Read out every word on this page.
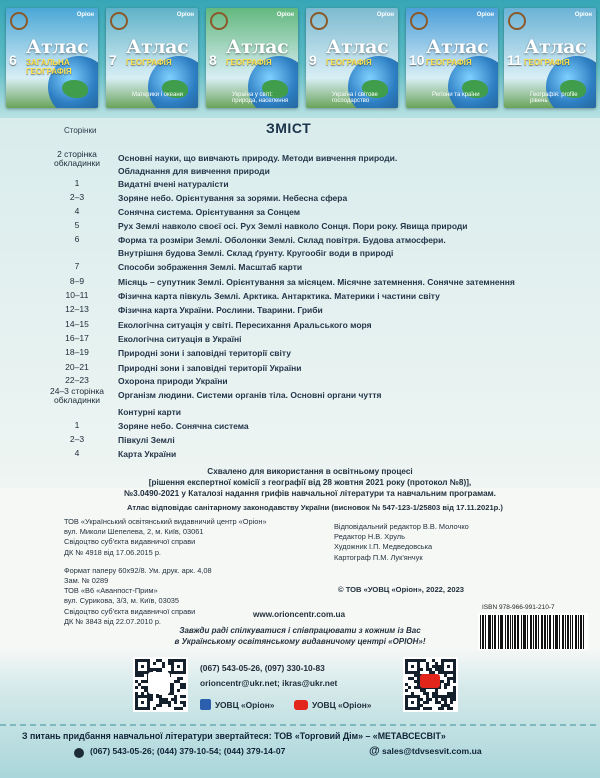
Оріон
Атлас
6 ЗАГАЛЬНА ГЕОГРАФІЯ
Оріон
Атлас
7 ГЕОГРАФІЯ
Материки і океани
Оріон
Атлас
8 ГЕОГРАФІЯ
Україна у світі: природа, населення
Оріон
Атлас
9 ГЕОГРАФІЯ
Україна і світове господарство
Оріон
Атлас
10 ГЕОГРАФІЯ
Регіони та країни
Оріон
Атлас
11 ГЕОГРАФІЯ
Географія: profile рівень
Сторінки	ЗМІСТ
2 сторінка обкладинки	Основні науки, що вивчають природу. Методи вивчення природи.
Обладнання для вивчення природи
1	Видатні вчені натуралісти
2–3	Зоряне небо. Орієнтування за зорями. Небесна сфера
4	Сонячна система. Орієнтування за Сонцем
5	Рух Землі навколо своєї осі. Рух Землі навколо Сонця. Пори року. Явища природи
6	Форма та розміри Землі. Оболонки Землі. Склад повітря. Будова атмосфери.
Внутрішня будова Землі. Склад ґрунту. Кругообіг води в природі
7	Способи зображення Землі. Масштаб карти
8–9	Місяць – супутник Землі. Орієнтування за місяцем. Місячне затемнення. Сонячне затемнення
10–11	Фізична карта півкуль Землі. Арктика. Антарктика. Материки і частини світу
12–13	Фізична карта України. Рослини. Тварини. Гриби
14–15	Екологічна ситуація у світі. Пересихання Аральського моря
16–17	Екологічна ситуація в Україні
18–19	Природні зони і заповідні території світу
20–21	Природні зони і заповідні території України
22–23	Охорона природи України
24–3 сторінка обкладинки	Організм людини. Системи органів тіла. Основні органи чуття
Контурні карти
1	Зоряне небо. Сонячна система
2–3	Півкулі Землі
4	Карта України
Схвалено для використання в освітньому процесі
[рішення експертної комісії з географії від 28 жовтня 2021 року (протокол №8)],
№3.0490-2021 у Каталозі надання грифів навчальної літератури та навчальним програмам.
Атлас відповідає санітарному законодавству України (висновок № 547-123-1/25803 від 17.11.2021р.)
ТОВ «Український освітянський видавничий центр «Оріон»
вул. Миколи Шепелева, 2, м. Київ, 03061
Свідоцтво суб'єкта видавничої справи
ДК № 4918 від 17.06.2015 р.
Формат паперу 60х92/8. Ум. друк. арк. 4,08
Зам. № 0289
ТОВ «В6 «Аванпост-Прим»
вул. Сурикова, 3/3, м. Київ, 03035
Свідоцтво суб'єкта видавничої справи
ДК № 3843 від 22.07.2010 р.
Відповідальний редактор В.В. Молочко
Редактор Н.В. Хруль
Художник І.П. Медведовська
Картограф П.М. Лук'янчук
© ТОВ «УОВЦ «Оріон», 2022, 2023
www.orioncentr.com.ua
ISBN 978-966-991-210-7
Завжди раді спілкуватися і співпрацювати з кожним із Вас
в Українському освітянському видавничому центрі «ОРІОН»!
(067) 543-05-26, (097) 330-10-83
orioncentr@ukr.net; ikras@ukr.net
УОВЦ «Оріон»	УОВЦ «Оріон»
З питань придбання навчальної літератури звертайтеся: ТОВ «Торговий Дім» – «МЕТАВСЕСВІТ»
(067) 543-05-26; (044) 379-10-54; (044) 379-14-07	@ sales@tdvsesvit.com.ua
